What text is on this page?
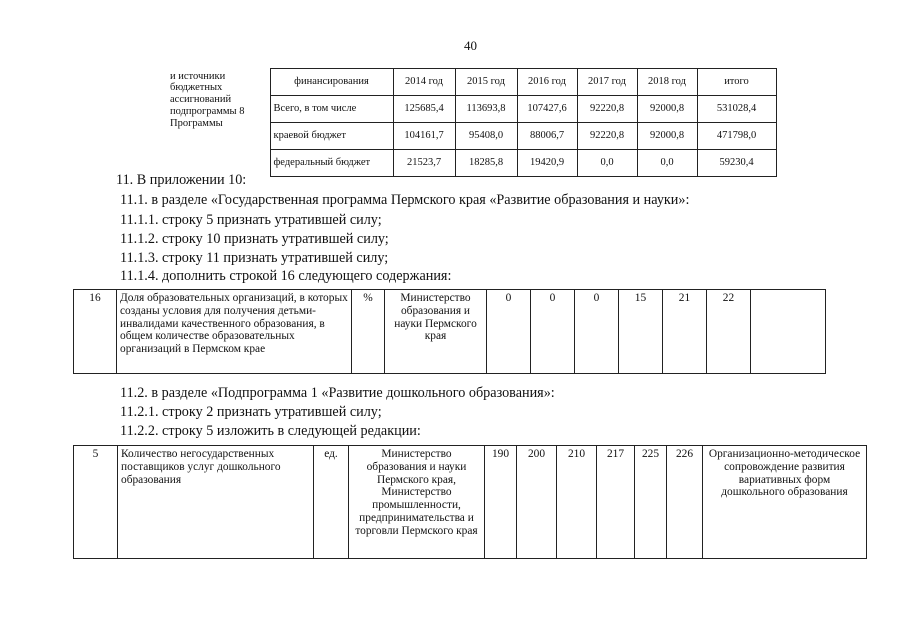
40
и источники бюджетных ассигнований подпрограммы 8 Программы	финансирования	2014 год	2015 год	2016 год	2017 год	2018 год	итого
	Всего, в том числе	125685,4	113693,8	107427,6	92220,8	92000,8	531028,4
	краевой бюджет	104161,7	95408,0	88006,7	92220,8	92000,8	471798,0
	федеральный бюджет	21523,7	18285,8	19420,9	0,0	0,0	59230,4
11. В приложении 10:
11.1. в разделе «Государственная программа Пермского края «Развитие образования и науки»:
11.1.1. строку 5 признать утратившей силу;
11.1.2. строку 10 признать утратившей силу;
11.1.3. строку 11 признать утратившей силу;
11.1.4. дополнить строкой 16 следующего содержания:
16	Доля образовательных организаций, в которых созданы условия для получения детьми-инвалидами качественного образования, в общем количестве образовательных организаций в Пермском крае	%	Министерство образования и науки Пермского края	0	0	0	15	21	22	
11.2. в разделе «Подпрограмма 1 «Развитие дошкольного образования»:
11.2.1. строку 2 признать утратившей силу;
11.2.2. строку 5 изложить в следующей редакции:
5	Количество негосударственных поставщиков услуг дошкольного образования	ед.	Министерство образования и науки Пермского края, Министерство промышленности, предпринимательства и торговли Пермского края	190	200	210	217	225	226	Организационно-методическое сопровождение развития вариативных форм дошкольного образования
